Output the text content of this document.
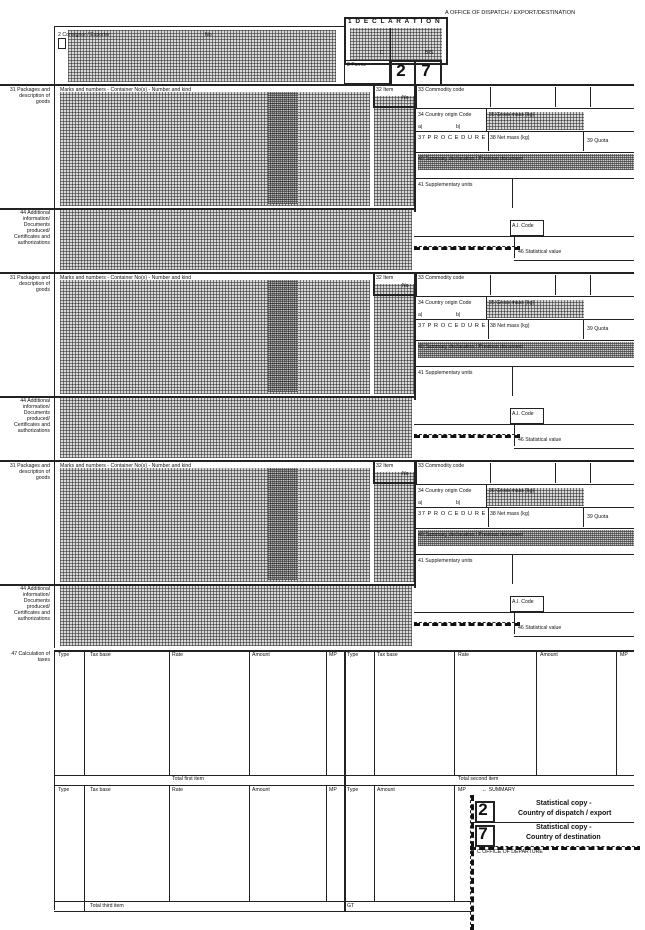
A OFFICE OF DISPATCH / EXPORT/DESTINATION
2 Consignor / Exporter	No
1 D E C L A R A T I O N
C	BIS
3 Forms	2 7
31 Packages and description of goods
Marks and numbers - Container No(s) - Number and kind	32 Item
No
33 Commodity code
34 Country origin Code	35 Gross mass (kg)
a|	b|
37 P R O C E D U R E 38 Net mass (kg)	39 Quota
40 Summary declaration / Previous document
41 Supplementary units
44 Additional information/ Documents produced/ Certificates and authorizations
A.I. Code
46 Statistical value
31 Packages and description of goods
Marks and numbers - Container No(s) - Number and kind	32 Item
No
33 Commodity code
34 Country origin Code	35 Gross mass (kg)
a|	b|
37 P R O C E D U R E 38 Net mass (kg)	39 Quota
40 Summary declaration / Previous document
41 Supplementary units
44 Additional information/ Documents produced/ Certificates and authorizations
A.I. Code
46 Statistical value
31 Packages and description of goods
Marks and numbers - Container No(s) - Number and kind	32 Item
No
33 Commodity code
34 Country origin Code	36 Gross mass (kg)
a|	b|
37 P R O C E D U R E 38 Net mass (kg)	39 Quota
40 Summary declaration / Previous document
41 Supplementary units
44 Additional information/ Documents produced/ Certificates and authorizations
A.I. Code
46 Statistical value
47 Calculation of taxes
Type	Tax base	Rate	Amount	MP Type	Tax base	Rate	Amount	MP
Total first item	Total second item
Type	Tax base	Rate	Amount	MP Type	Amount	MP	← SUMMARY
Total third item	GT
2	Statistical copy -
Country of dispatch / export
7	Statistical copy -
Country of destination
C OFFICE OF DEPARTURE
